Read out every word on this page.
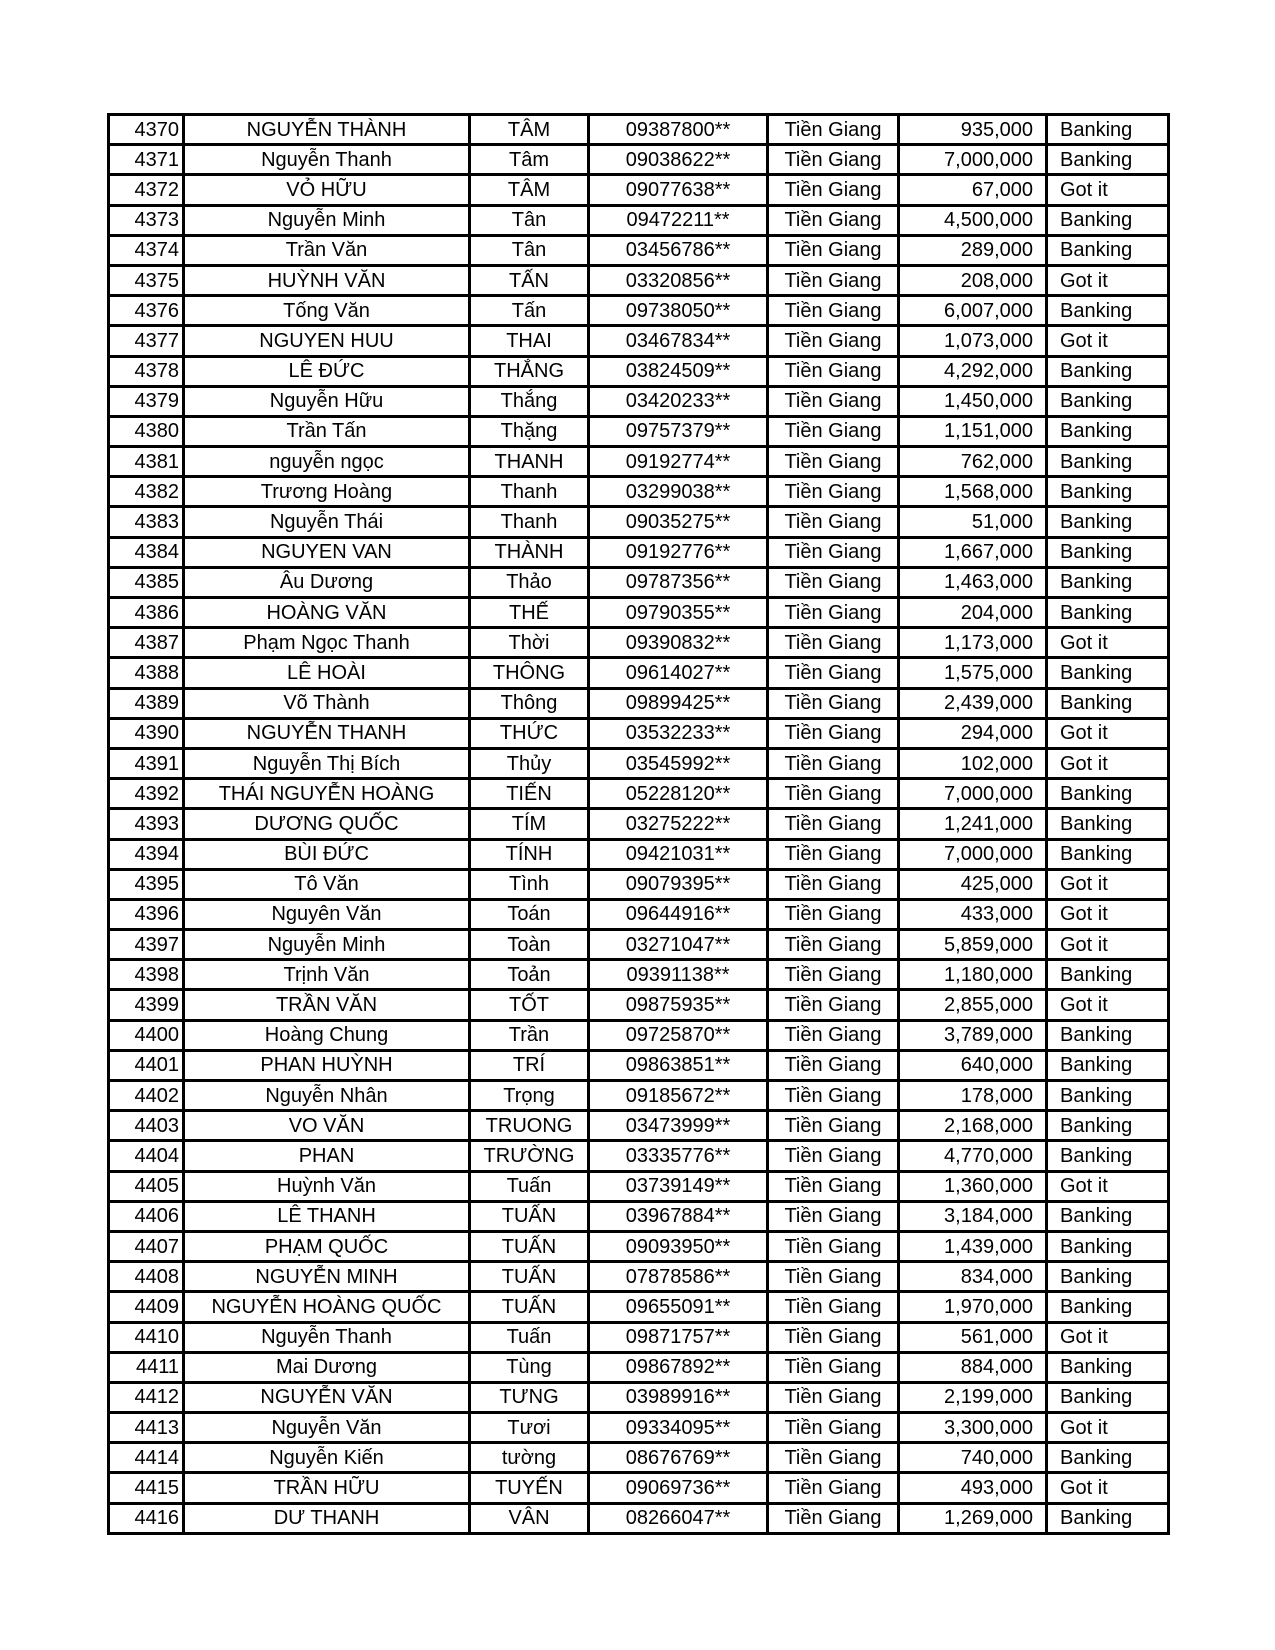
4370	NGUYỄN THÀNH	TÂM	09387800**	Tiền Giang	935,000	Banking
4371	Nguyễn Thanh	Tâm	09038622**	Tiền Giang	7,000,000	Banking
4372	VỎ HỮU	TÂM	09077638**	Tiền Giang	67,000	Got it
4373	Nguyễn Minh	Tân	09472211**	Tiền Giang	4,500,000	Banking
4374	Trần Văn	Tân	03456786**	Tiền Giang	289,000	Banking
4375	HUỲNH VĂN	TẤN	03320856**	Tiền Giang	208,000	Got it
4376	Tống Văn	Tấn	09738050**	Tiền Giang	6,007,000	Banking
4377	NGUYEN HUU	THAI	03467834**	Tiền Giang	1,073,000	Got it
4378	LÊ ĐỨC	THẮNG	03824509**	Tiền Giang	4,292,000	Banking
4379	Nguyễn Hữu	Thắng	03420233**	Tiền Giang	1,450,000	Banking
4380	Trần Tấn	Thặng	09757379**	Tiền Giang	1,151,000	Banking
4381	nguyễn ngọc	THANH	09192774**	Tiền Giang	762,000	Banking
4382	Trương Hoàng	Thanh	03299038**	Tiền Giang	1,568,000	Banking
4383	Nguyễn Thái	Thanh	09035275**	Tiền Giang	51,000	Banking
4384	NGUYEN VAN	THÀNH	09192776**	Tiền Giang	1,667,000	Banking
4385	Âu Dương	Thảo	09787356**	Tiền Giang	1,463,000	Banking
4386	HOÀNG VĂN	THẾ	09790355**	Tiền Giang	204,000	Banking
4387	Phạm Ngọc Thanh	Thời	09390832**	Tiền Giang	1,173,000	Got it
4388	LÊ HOÀI	THÔNG	09614027**	Tiền Giang	1,575,000	Banking
4389	Võ Thành	Thông	09899425**	Tiền Giang	2,439,000	Banking
4390	NGUYỄN THANH	THỨC	03532233**	Tiền Giang	294,000	Got it
4391	Nguyễn Thị Bích	Thủy	03545992**	Tiền Giang	102,000	Got it
4392	THÁI NGUYỄN HOÀNG	TIẾN	05228120**	Tiền Giang	7,000,000	Banking
4393	DƯƠNG QUỐC	TÍM	03275222**	Tiền Giang	1,241,000	Banking
4394	BÙI ĐỨC	TÍNH	09421031**	Tiền Giang	7,000,000	Banking
4395	Tô Văn	Tình	09079395**	Tiền Giang	425,000	Got it
4396	Nguyên Văn	Toán	09644916**	Tiền Giang	433,000	Got it
4397	Nguyễn Minh	Toàn	03271047**	Tiền Giang	5,859,000	Got it
4398	Trịnh Văn	Toản	09391138**	Tiền Giang	1,180,000	Banking
4399	TRẦN VĂN	TỐT	09875935**	Tiền Giang	2,855,000	Got it
4400	Hoàng Chung	Trần	09725870**	Tiền Giang	3,789,000	Banking
4401	PHAN HUỲNH	TRÍ	09863851**	Tiền Giang	640,000	Banking
4402	Nguyễn Nhân	Trọng	09185672**	Tiền Giang	178,000	Banking
4403	VO VĂN	TRUONG	03473999**	Tiền Giang	2,168,000	Banking
4404	PHAN	TRƯỜNG	03335776**	Tiền Giang	4,770,000	Banking
4405	Huỳnh Văn	Tuấn	03739149**	Tiền Giang	1,360,000	Got it
4406	LÊ THANH	TUẤN	03967884**	Tiền Giang	3,184,000	Banking
4407	PHẠM QUỐC	TUẤN	09093950**	Tiền Giang	1,439,000	Banking
4408	NGUYỄN MINH	TUẤN	07878586**	Tiền Giang	834,000	Banking
4409	NGUYỄN HOÀNG QUỐC	TUẤN	09655091**	Tiền Giang	1,970,000	Banking
4410	Nguyễn Thanh	Tuấn	09871757**	Tiền Giang	561,000	Got it
4411	Mai Dương	Tùng	09867892**	Tiền Giang	884,000	Banking
4412	NGUYỄN VĂN	TƯNG	03989916**	Tiền Giang	2,199,000	Banking
4413	Nguyễn Văn	Tươi	09334095**	Tiền Giang	3,300,000	Got it
4414	Nguyễn Kiến	tường	08676769**	Tiền Giang	740,000	Banking
4415	TRẦN HỮU	TUYẾN	09069736**	Tiền Giang	493,000	Got it
4416	DƯ THANH	VÂN	08266047**	Tiền Giang	1,269,000	Banking
